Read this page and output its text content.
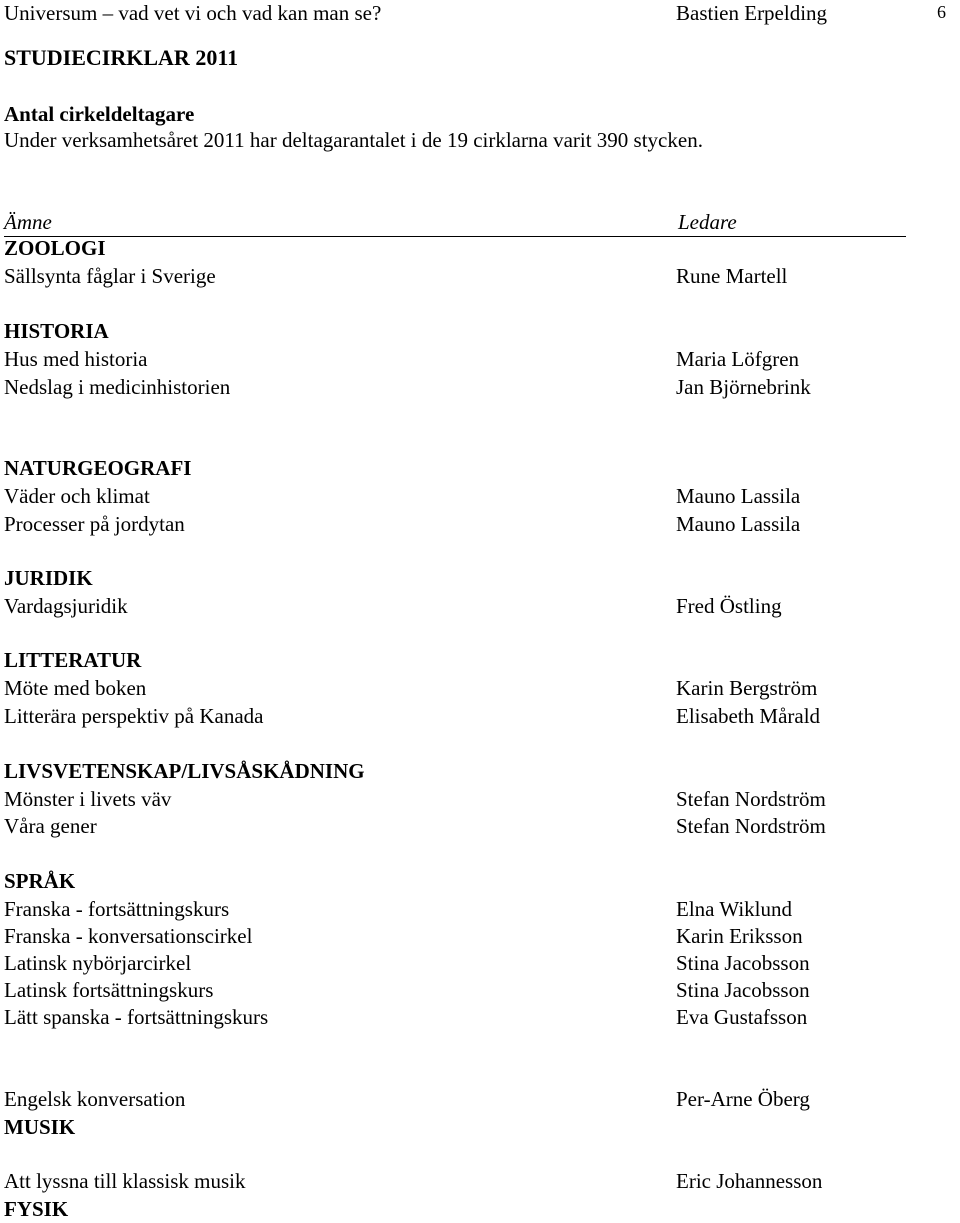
6
STUDIECIRKLAR 2011
Antal cirkeldeltagare
Under verksamhetsåret 2011 har deltagarantalet i de 19 cirklarna varit 390 stycken.
Ämne	Ledare
ZOOLOGI
Sällsynta fåglar i Sverige	Rune Martell
HISTORIA
Hus med historia	Maria Löfgren
Nedslag i medicinhistorien	Jan Björnebrink
NATURGEOGRAFI
Väder och klimat	Mauno Lassila
Processer på jordytan	Mauno Lassila
JURIDIK
Vardagsjuridik	Fred Östling
LITTERATUR
Möte med boken	Karin Bergström
Litterära perspektiv på Kanada	Elisabeth Mårald
LIVSVETENSKAP/LIVSÅSKÅDNING
Mönster i livets väv	Stefan Nordström
Våra gener	Stefan Nordström
SPRÅK
Franska - fortsättningskurs	Elna Wiklund
Franska - konversationscirkel	Karin Eriksson
Latinsk nybörjarcirkel	Stina Jacobsson
Latinsk fortsättningskurs	Stina Jacobsson
Lätt spanska - fortsättningskurs	Eva Gustafsson
Engelsk konversation	Per-Arne Öberg
MUSIK
Att lyssna till klassisk musik	Eric Johannesson
FYSIK
Universum – vad vet vi och vad kan man se?	Bastien Erpelding
